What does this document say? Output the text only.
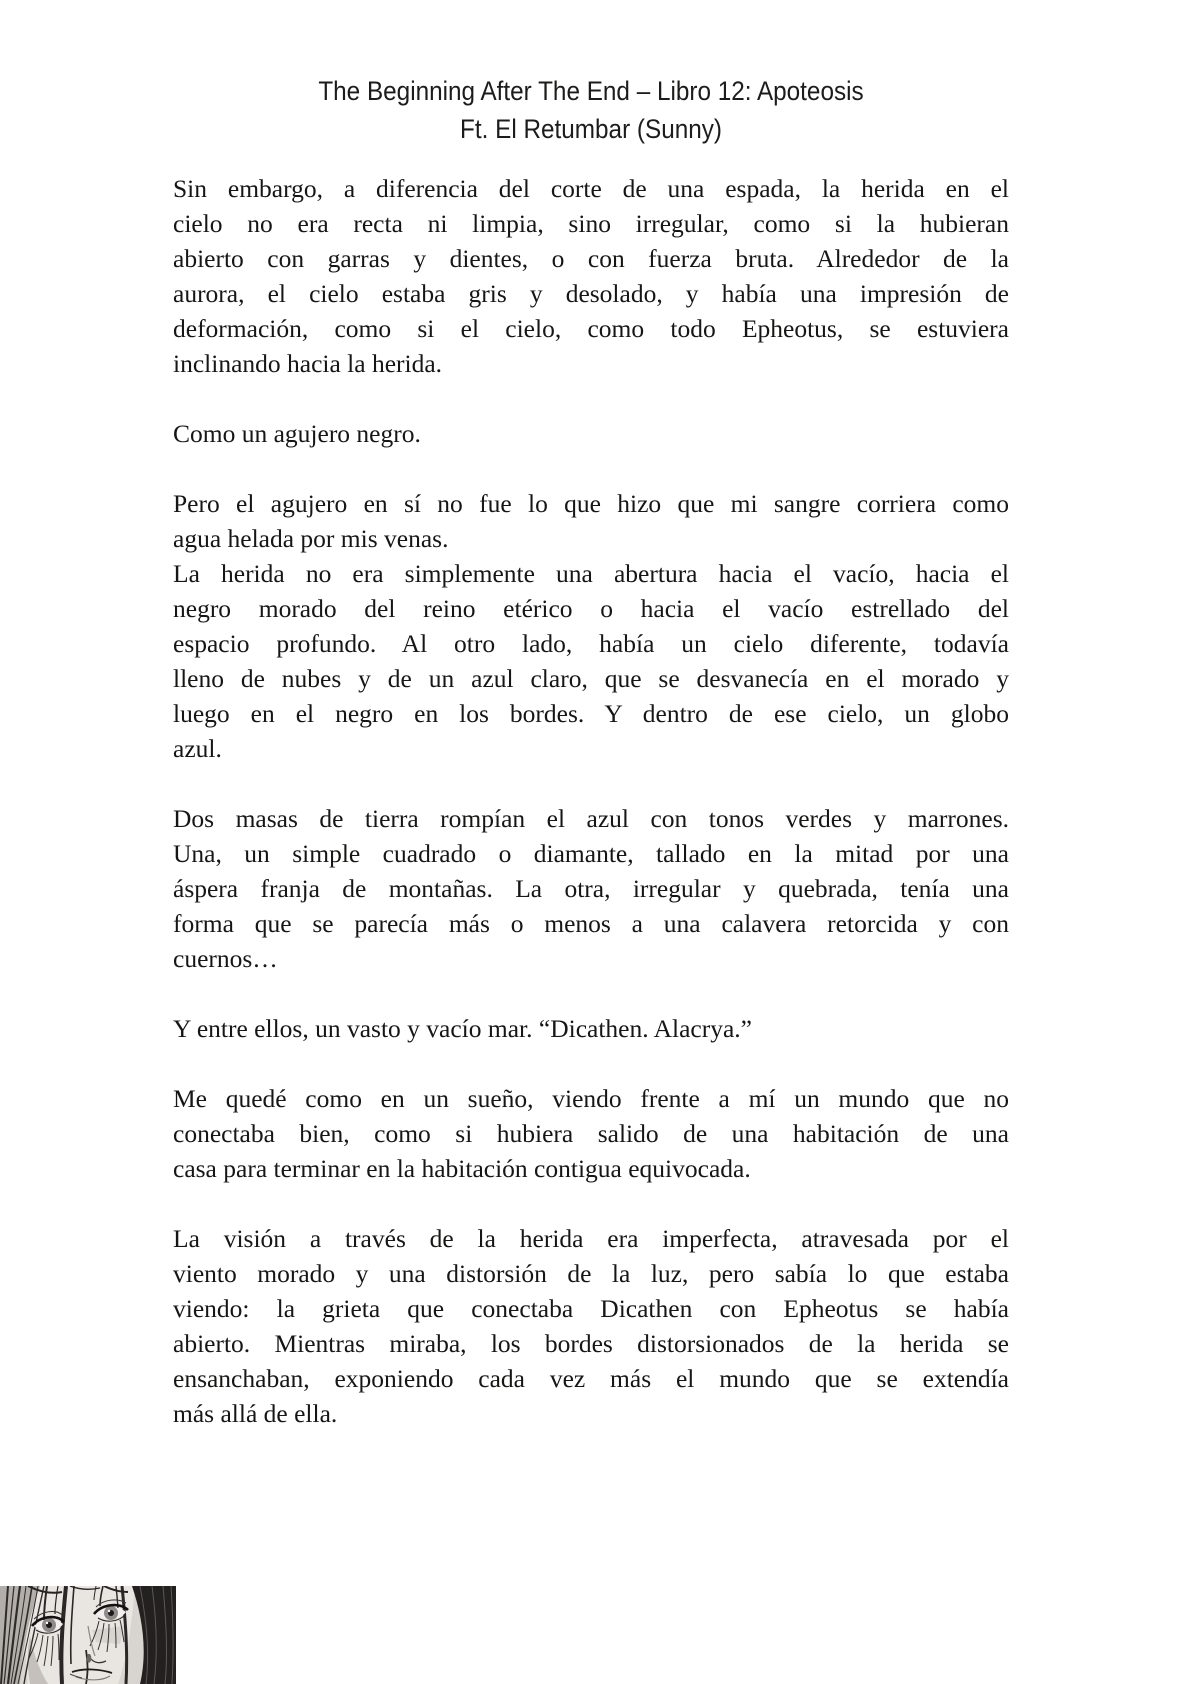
The Beginning After The End – Libro 12: Apoteosis
Ft. El Retumbar (Sunny)
Sin embargo, a diferencia del corte de una espada, la herida en el
cielo no era recta ni limpia, sino irregular, como si la hubieran
abierto con garras y dientes, o con fuerza bruta. Alrededor de la
aurora, el cielo estaba gris y desolado, y había una impresión de
deformación, como si el cielo, como todo Epheotus, se estuviera
inclinando hacia la herida.
Como un agujero negro.
Pero el agujero en sí no fue lo que hizo que mi sangre corriera como
agua helada por mis venas.
La herida no era simplemente una abertura hacia el vacío, hacia el
negro morado del reino etérico o hacia el vacío estrellado del
espacio profundo. Al otro lado, había un cielo diferente, todavía
lleno de nubes y de un azul claro, que se desvanecía en el morado y
luego en el negro en los bordes. Y dentro de ese cielo, un globo
azul.
Dos masas de tierra rompían el azul con tonos verdes y marrones.
Una, un simple cuadrado o diamante, tallado en la mitad por una
áspera franja de montañas. La otra, irregular y quebrada, tenía una
forma que se parecía más o menos a una calavera retorcida y con
cuernos…
Y entre ellos, un vasto y vacío mar. “Dicathen. Alacrya.”
Me quedé como en un sueño, viendo frente a mí un mundo que no
conectaba bien, como si hubiera salido de una habitación de una
casa para terminar en la habitación contigua equivocada.
La visión a través de la herida era imperfecta, atravesada por el
viento morado y una distorsión de la luz, pero sabía lo que estaba
viendo: la grieta que conectaba Dicathen con Epheotus se había
abierto. Mientras miraba, los bordes distorsionados de la herida se
ensanchaban, exponiendo cada vez más el mundo que se extendía
más allá de ella.
